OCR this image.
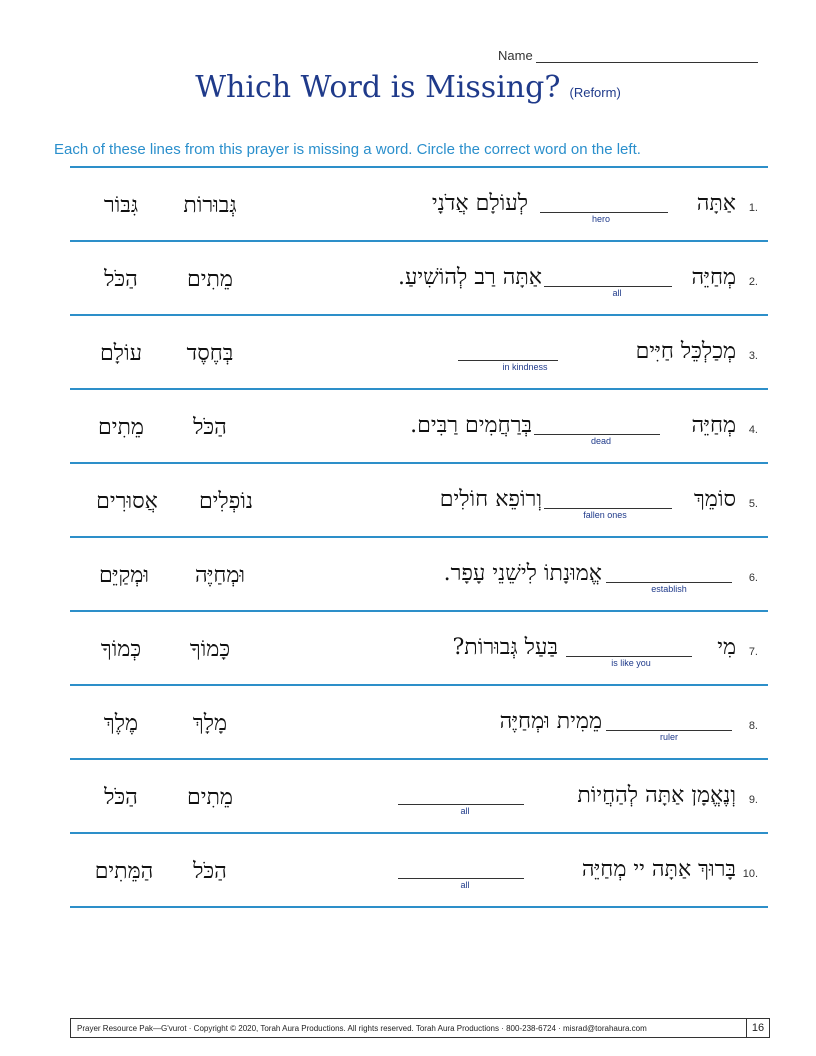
Name
Which Word is Missing? (Reform)
Each of these lines from this prayer is missing a word. Circle the correct word on the left.
1.
אַתָּה
hero
לְעוֹלָם אֲדֹנָי
גְּבוּרוֹת
גִּבּוֹר
2.
מְחַיֵּה
all
אַתָּה רַב לְהוֹשִׁיעַ.
מֵתִים
הַכֹּל
3.
מְכַלְכֵּל חַיִּים
in kindness
בְּחֶסֶד
עוֹלָם
4.
מְחַיֵּה
dead
בְּרַחֲמִים רַבִּים.
הַכֹּל
מֵתִים
5.
סוֹמֵךְ
fallen ones
וְרוֹפֵא חוֹלִים
נוֹפְלִים
אֲסוּרִים
6.
establish
אֱמוּנָתוֹ לִישֵׁנֵי עָפָר.
וּמְחַיֶּה
וּמְקַיֵּם
7.
מִי
is like you
בַּעַל גְּבוּרוֹת?
כָּמוֹךָ
כְּמוֹךָ
8.
ruler
מֵמִית וּמְחַיֶּה
מָלָךְ
מֶלֶךְ
9.
וְנֶאֱמָן אַתָּה לְהַחֲיוֹת
all
מֵתִים
הַכֹּל
10.
בָּרוּךְ אַתָּה יי מְחַיֵּה
all
הַכֹּל
הַמֵּתִים
Prayer Resource Pak—G'vurot · Copyright © 2020, Torah Aura Productions. All rights reserved. Torah Aura Productions · 800-238-6724 · misrad@torahaura.com	16
